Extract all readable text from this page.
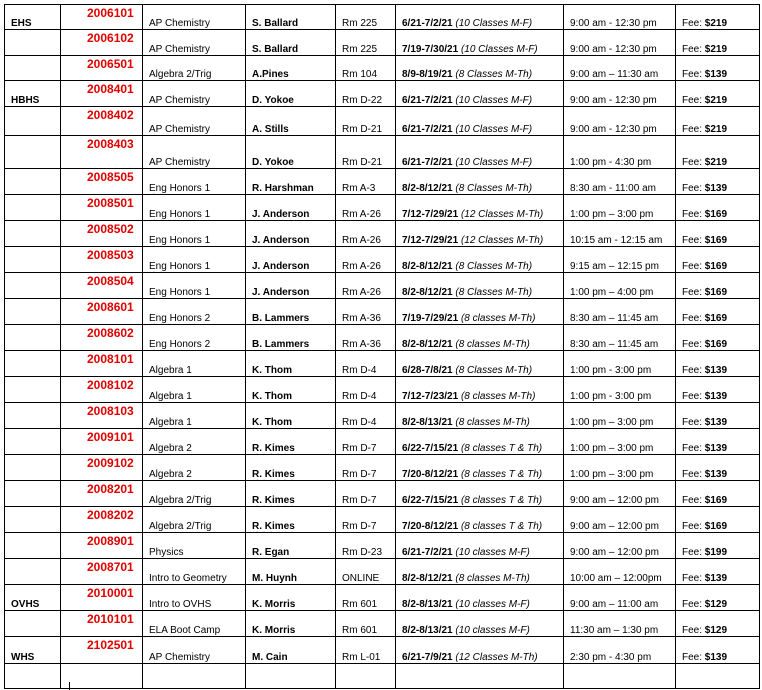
EHS	2006101	AP Chemistry	S. Ballard	Rm 225	6/21-7/2/21 (10 Classes M-F)	9:00 am - 12:30 pm	Fee: $219

	2006102	AP Chemistry	S. Ballard	Rm 225	7/19-7/30/21 (10 Classes M-F)	9:00 am - 12:30 pm	Fee: $219

	2006501	Algebra 2/Trig	A.Pines	Rm 104	8/9-8/19/21 (8 Classes M-Th)	9:00 am – 11:30 am	Fee: $139
HBHS	2008401	AP Chemistry	D. Yokoe	Rm D-22	6/21-7/2/21 (10 Classes M-F)	9:00 am - 12:30 pm	Fee: $219

	2008402	AP Chemistry	A. Stills	Rm D-21	6/21-7/2/21 (10 Classes M-F)	9:00 am - 12:30 pm	Fee: $219

	2008403	AP Chemistry	D. Yokoe	Rm D-21	6/21-7/2/21 (10 Classes M-F)	1:00 pm - 4:30 pm	Fee: $219

	2008505	Eng Honors 1	R. Harshman	Rm A-3	8/2-8/12/21 (8 Classes M-Th)	8:30 am - 11:00 am	Fee: $139

	2008501	Eng Honors 1	J. Anderson	Rm A-26	7/12-7/29/21 (12 Classes M-Th)	1:00 pm – 3:00 pm	Fee: $169

	2008502	Eng Honors 1	J. Anderson	Rm A-26	7/12-7/29/21 (12 Classes M-Th)	10:15 am - 12:15 am	Fee: $169

	2008503	Eng Honors 1	J. Anderson	Rm A-26	8/2-8/12/21 (8 Classes M-Th)	9:15 am – 12:15 pm	Fee: $169

	2008504	Eng Honors 1	J. Anderson	Rm A-26	8/2-8/12/21 (8 Classes M-Th)	1:00 pm – 4:00 pm	Fee: $169

	2008601	Eng Honors 2	B. Lammers	Rm A-36	7/19-7/29/21 (8 classes M-Th)	8:30 am – 11:45 am	Fee: $169

	2008602	Eng Honors 2	B. Lammers	Rm A-36	8/2-8/12/21 (8 classes M-Th)	8:30 am – 11:45 am	Fee: $169

	2008101	Algebra 1	K. Thom	Rm D-4	6/28-7/8/21 (8 Classes M-Th)	1:00 pm - 3:00 pm	Fee: $139

	2008102	Algebra 1	K. Thom	Rm D-4	7/12-7/23/21 (8 classes M-Th)	1:00 pm - 3:00 pm	Fee: $139

	2008103	Algebra 1	K. Thom	Rm D-4	8/2-8/13/21 (8 classes M-Th)	1:00 pm – 3:00 pm	Fee: $139

	2009101	Algebra 2	R. Kimes	Rm D-7	6/22-7/15/21 (8 classes T & Th)	1:00 pm – 3:00 pm	Fee: $139

	2009102	Algebra 2	R. Kimes	Rm D-7	7/20-8/12/21 (8 classes T & Th)	1:00 pm – 3:00 pm	Fee: $139

	2008201	Algebra 2/Trig	R. Kimes	Rm D-7	6/22-7/15/21 (8 classes T & Th)	9:00 am – 12:00 pm	Fee: $169

	2008202	Algebra 2/Trig	R. Kimes	Rm D-7	7/20-8/12/21 (8 classes T & Th)	9:00 am – 12:00 pm	Fee: $169

	2008901	Physics	R. Egan	Rm D-23	6/21-7/2/21 (10 classes M-F)	9:00 am – 12:00 pm	Fee: $199

	2008701	Intro to Geometry	M. Huynh	ONLINE	8/2-8/12/21 (8 classes M-Th)	10:00 am – 12:00pm	Fee: $139
OVHS	2010001	Intro to OVHS	K. Morris	Rm 601	8/2-8/13/21 (10 classes M-F)	9:00 am – 11:00 am	Fee: $129

	2010101	ELA Boot Camp	K. Morris	Rm 601	8/2-8/13/21 (10 classes M-F)	11:30 am – 1:30 pm	Fee: $129
WHS	2102501	AP Chemistry	M. Cain	Rm L-01	6/21-7/9/21 (12 Classes M-Th)	2:30 pm - 4:30 pm	Fee: $139
